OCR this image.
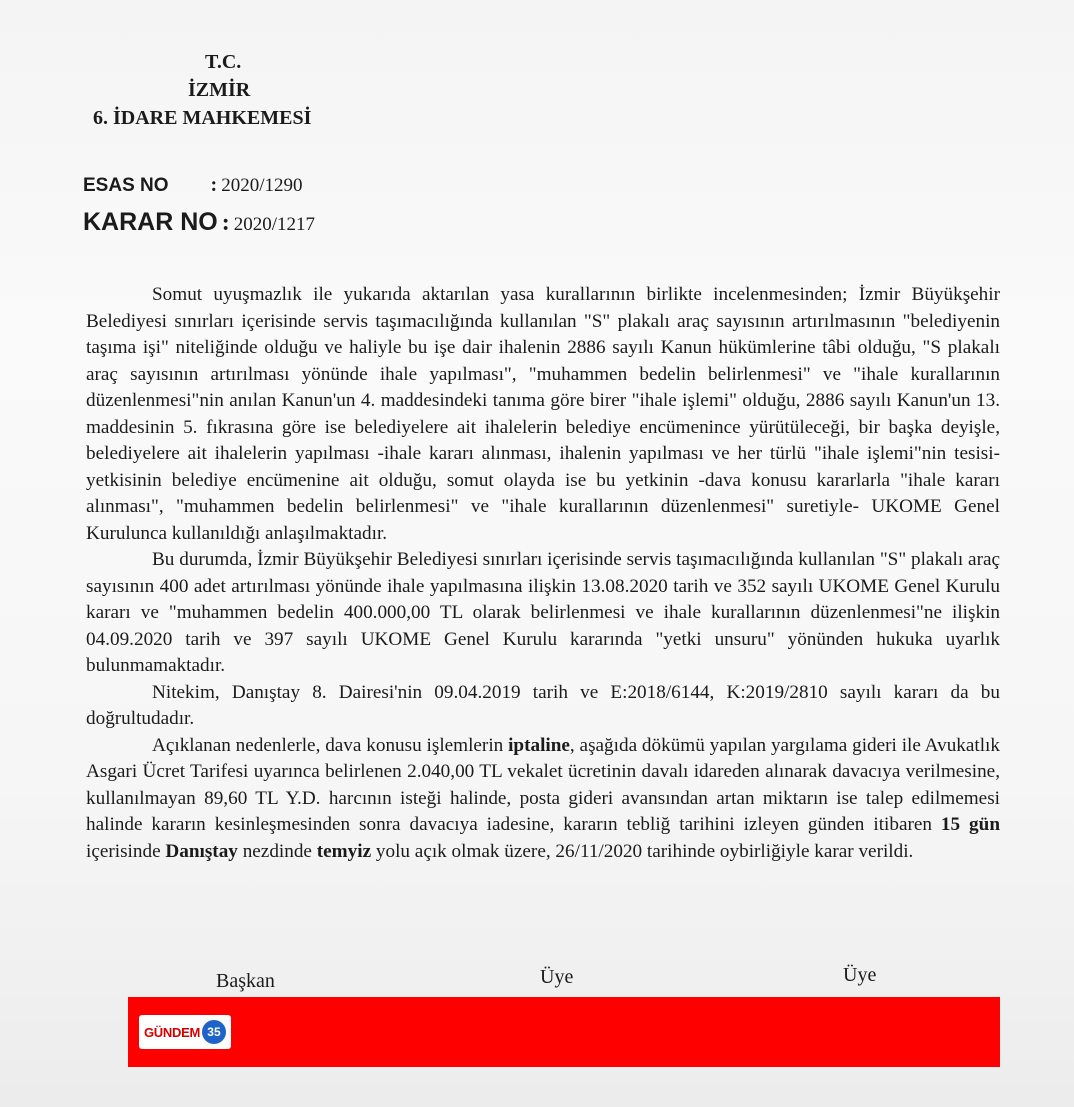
T.C.
İZMİR
6. İDARE MAHKEMESİ
ESAS NO : 2020/1290
KARAR NO : 2020/1217

Somut uyuşmazlık ile yukarıda aktarılan yasa kurallarının birlikte incelenmesinden; İzmir Büyükşehir Belediyesi sınırları içerisinde servis taşımacılığında kullanılan "S" plakalı araç sayısının artırılmasının "belediyenin taşıma işi" niteliğinde olduğu ve haliyle bu işe dair ihalenin 2886 sayılı Kanun hükümlerine tâbi olduğu, "S plakalı araç sayısının artırılması yönünde ihale yapılması", "muhammen bedelin belirlenmesi" ve "ihale kurallarının düzenlenmesi"nin anılan Kanun'un 4. maddesindeki tanıma göre birer "ihale işlemi" olduğu, 2886 sayılı Kanun'un 13. maddesinin 5. fıkrasına göre ise belediyelere ait ihalelerin belediye encümenince yürütüleceği, bir başka deyişle, belediyelere ait ihalelerin yapılması -ihale kararı alınması, ihalenin yapılması ve her türlü "ihale işlemi"nin tesisi- yetkisinin belediye encümenine ait olduğu, somut olayda ise bu yetkinin -dava konusu kararlarla "ihale kararı alınması", "muhammen bedelin belirlenmesi" ve "ihale kurallarının düzenlenmesi" suretiyle- UKOME Genel Kurulunca kullanıldığı anlaşılmaktadır.

Bu durumda, İzmir Büyükşehir Belediyesi sınırları içerisinde servis taşımacılığında kullanılan "S" plakalı araç sayısının 400 adet artırılması yönünde ihale yapılmasına ilişkin 13.08.2020 tarih ve 352 sayılı UKOME Genel Kurulu kararı ve "muhammen bedelin 400.000,00 TL olarak belirlenmesi ve ihale kurallarının düzenlenmesi"ne ilişkin 04.09.2020 tarih ve 397 sayılı UKOME Genel Kurulu kararında "yetki unsuru" yönünden hukuka uyarlık bulunmamaktadır.

Nitekim, Danıştay 8. Dairesi'nin 09.04.2019 tarih ve E:2018/6144, K:2019/2810 sayılı kararı da bu doğrultudadır.

Açıklanan nedenlerle, dava konusu işlemlerin iptaline, aşağıda dökümü yapılan yargılama gideri ile Avukatlık Asgari Ücret Tarifesi uyarınca belirlenen 2.040,00 TL vekalet ücretinin davalı idareden alınarak davacıya verilmesine, kullanılmayan 89,60 TL Y.D. harcının isteği halinde, posta gideri avansından artan miktarın ise talep edilmemesi halinde kararın kesinleşmesinden sonra davacıya iadesine, kararın tebliğ tarihini izleyen günden itibaren 15 gün içerisinde Danıştay nezdinde temyiz yolu açık olmak üzere, 26/11/2020 tarihinde oybirliğiyle karar verildi.

Başkan	Üye	Üye
GÜNDEM 35
